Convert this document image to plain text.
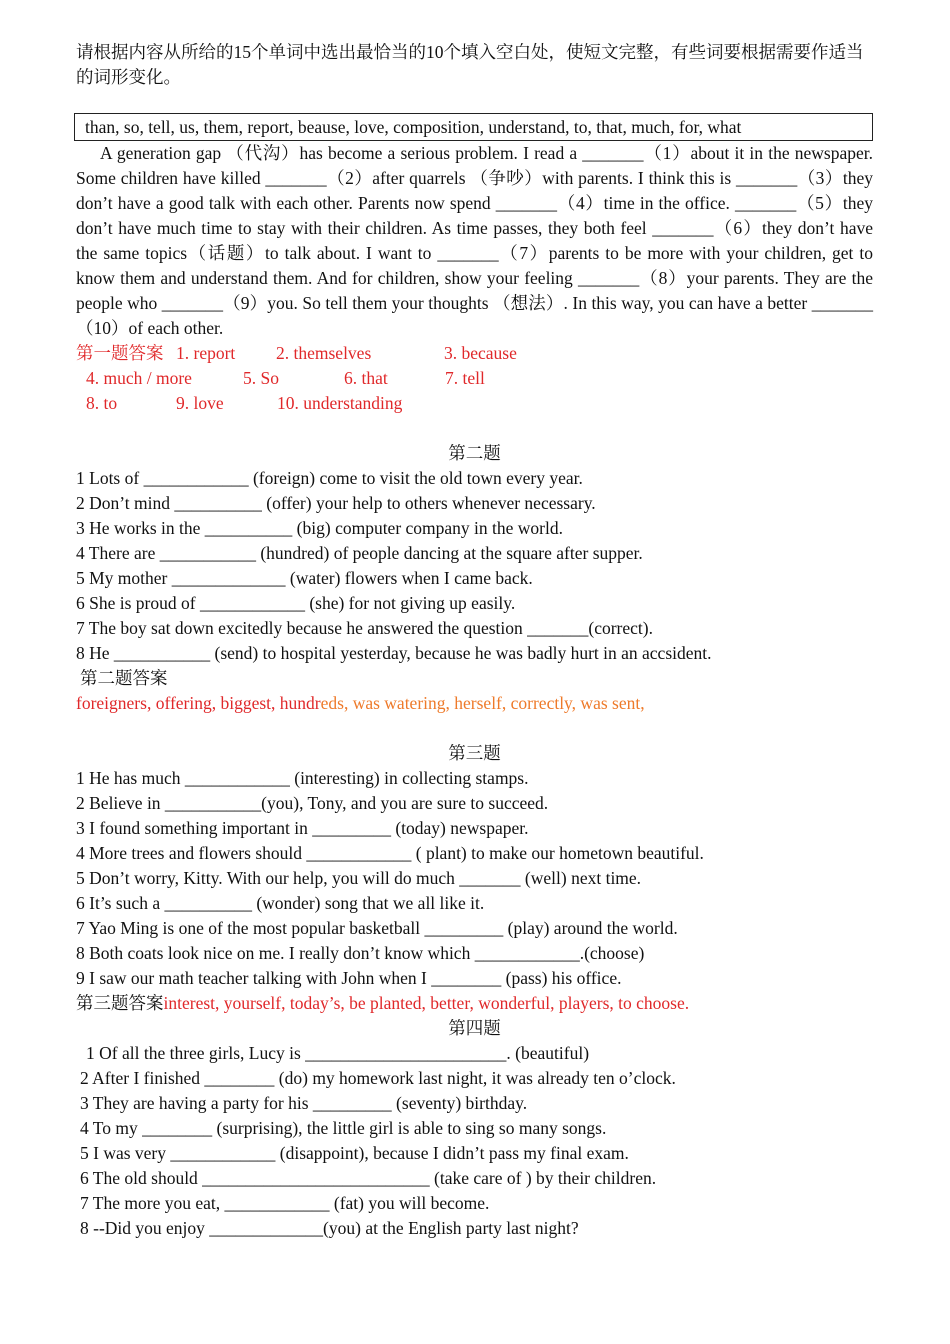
请根据内容从所给的15个单词中选出最恰当的10个填入空白处，使短文完整，有些词要根据需要作适当的词形变化。
than, so, tell, us, them, report, beause, love, composition, understand, to, that, much, for, what
A generation gap （代沟）has become a serious problem. I read a _______（1）about it in the newspaper. Some children have killed _______（2）after quarrels （争吵）with parents. I think this is _______（3）they don’t have a good talk with each other. Parents now spend _______（4）time in the office. _______（5）they don’t have much time to stay with their children. As time passes, they both feel _______（6）they don’t have the same topics（话题）to talk about. I want to _______（7）parents to be more with your children, get to know them and understand them. And for children, show your feeling _______（8）your parents. They are the people who _______（9）you. So tell them your thoughts （想法）. In this way, you can have a better _______（10）of each other.
第一题答案 1. report	2. themselves	3. because
4. much / more	5. So	6. that	7. tell
8. to	9. love	10. understanding
第二题
1 Lots of ____________ (foreign) come to visit the old town every year.
2 Don’t mind __________ (offer) your help to others whenever necessary.
3 He works in the __________ (big) computer company in the world.
4 There are ___________ (hundred) of people dancing at the square after supper.
5 My mother _____________ (water) flowers when I came back.
6 She is proud of ____________ (she) for not giving up easily.
7 The boy sat down excitedly because he answered the question _______(correct).
8 He ___________ (send) to hospital yesterday, because he was badly hurt in an accsident.
第二题答案
foreigners, offering, biggest, hundreds, was watering, herself, correctly, was sent,
第三题
1 He has much ____________ (interesting) in collecting stamps.
2 Believe in ___________(you), Tony, and you are sure to succeed.
3 I found something important in _________ (today) newspaper.
4 More trees and flowers should ____________ ( plant) to make our hometown beautiful.
5 Don’t worry, Kitty. With our help, you will do much _______ (well) next time.
6 It’s such a __________ (wonder) song that we all like it.
7 Yao Ming is one of the most popular basketball _________ (play) around the world.
8 Both coats look nice on me. I really don’t know which ____________.(choose)
9 I saw our math teacher talking with John when I ________ (pass) his office.
第三题答案interest, yourself, today’s, be planted, better, wonderful, players, to choose.
第四题
1 Of all the three girls, Lucy is _______________________. (beautiful)
2 After I finished ________ (do) my homework last night, it was already ten o’clock.
3 They are having a party for his _________ (seventy) birthday.
4 To my ________ (surprising), the little girl is able to sing so many songs.
5 I was very ____________ (disappoint), because I didn’t pass my final exam.
6 The old should __________________________ (take care of ) by their children.
7 The more you eat, ____________ (fat) you will become.
8 --Did you enjoy _____________(you) at the English party last night?
